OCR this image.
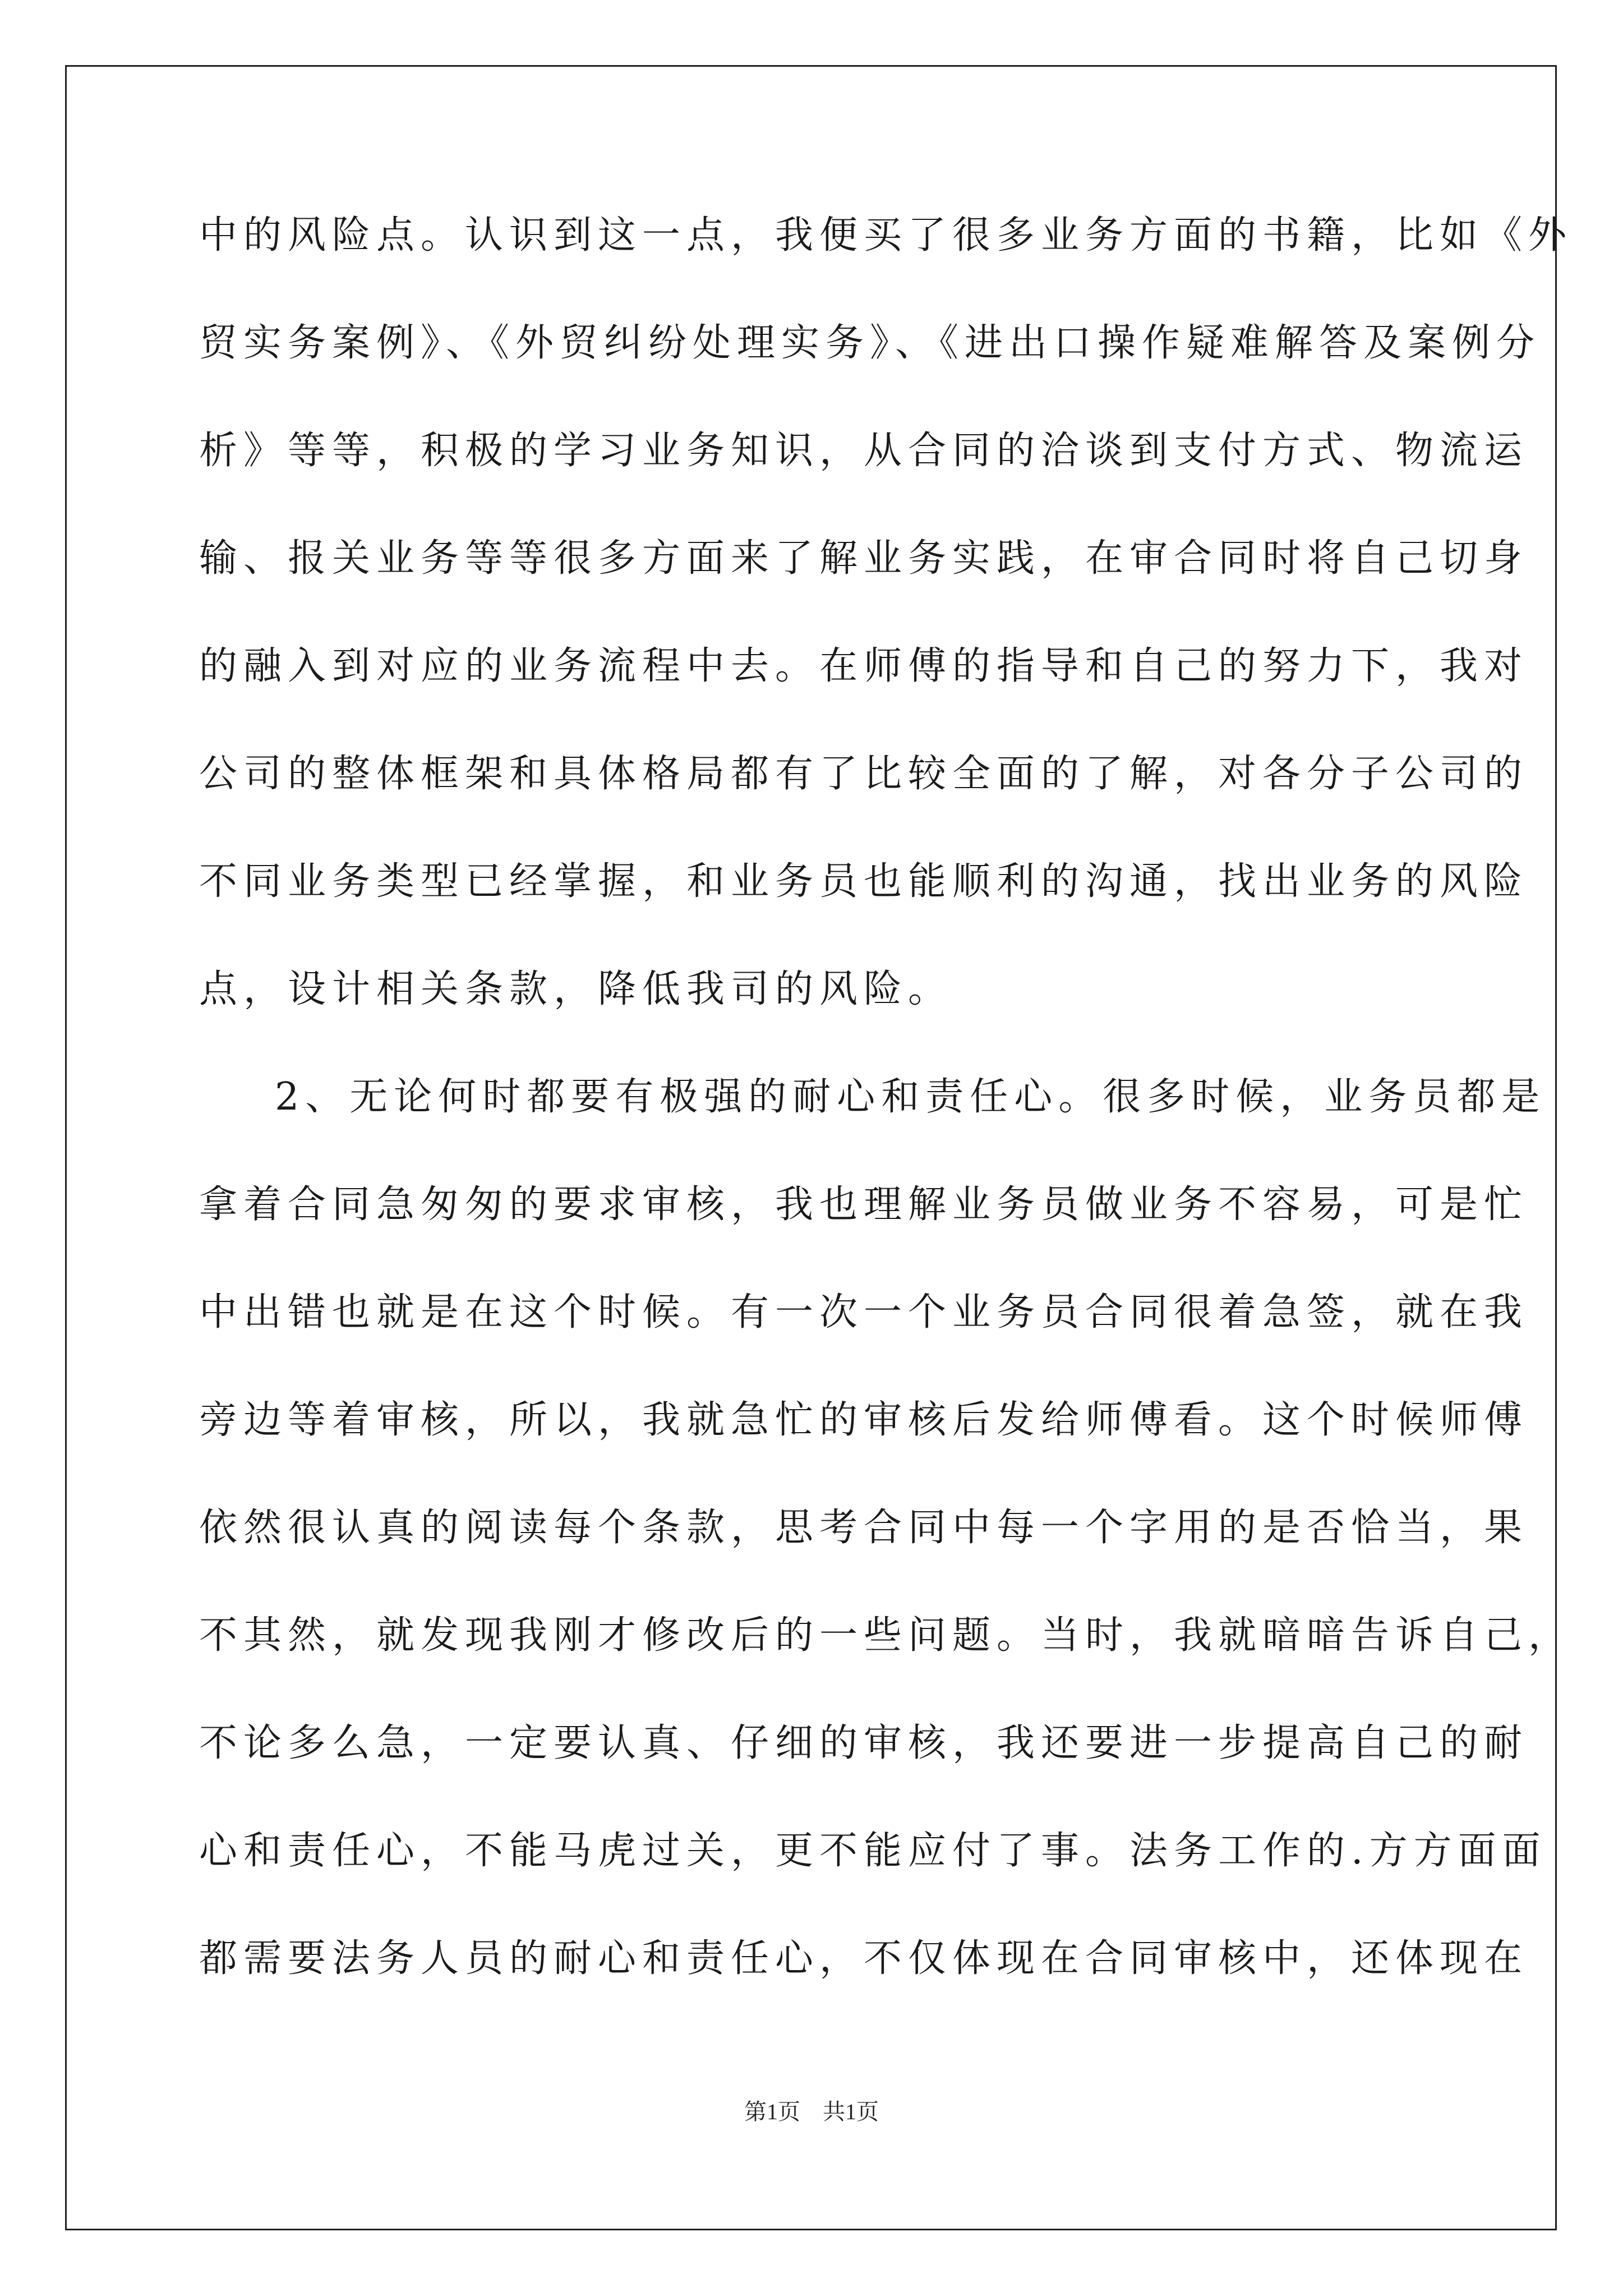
中的风险点。认识到这一点，我便买了很多业务方面的书籍，比如《外
贸实务案例》、《外贸纠纷处理实务》、《进出口操作疑难解答及案例分
析》等等，积极的学习业务知识，从合同的洽谈到支付方式、物流运
输、报关业务等等很多方面来了解业务实践，在审合同时将自己切身
的融入到对应的业务流程中去。在师傅的指导和自己的努力下，我对
公司的整体框架和具体格局都有了比较全面的了解，对各分子公司的
不同业务类型已经掌握，和业务员也能顺利的沟通，找出业务的风险
点，设计相关条款，降低我司的风险。
2、无论何时都要有极强的耐心和责任心。很多时候，业务员都是
拿着合同急匆匆的要求审核，我也理解业务员做业务不容易，可是忙
中出错也就是在这个时候。有一次一个业务员合同很着急签，就在我
旁边等着审核，所以，我就急忙的审核后发给师傅看。这个时候师傅
依然很认真的阅读每个条款，思考合同中每一个字用的是否恰当，果
不其然，就发现我刚才修改后的一些问题。当时，我就暗暗告诉自己，
不论多么急，一定要认真、仔细的审核，我还要进一步提高自己的耐
心和责任心，不能马虎过关，更不能应付了事。法务工作的.方方面面
都需要法务人员的耐心和责任心，不仅体现在合同审核中，还体现在
第1页　共1页
